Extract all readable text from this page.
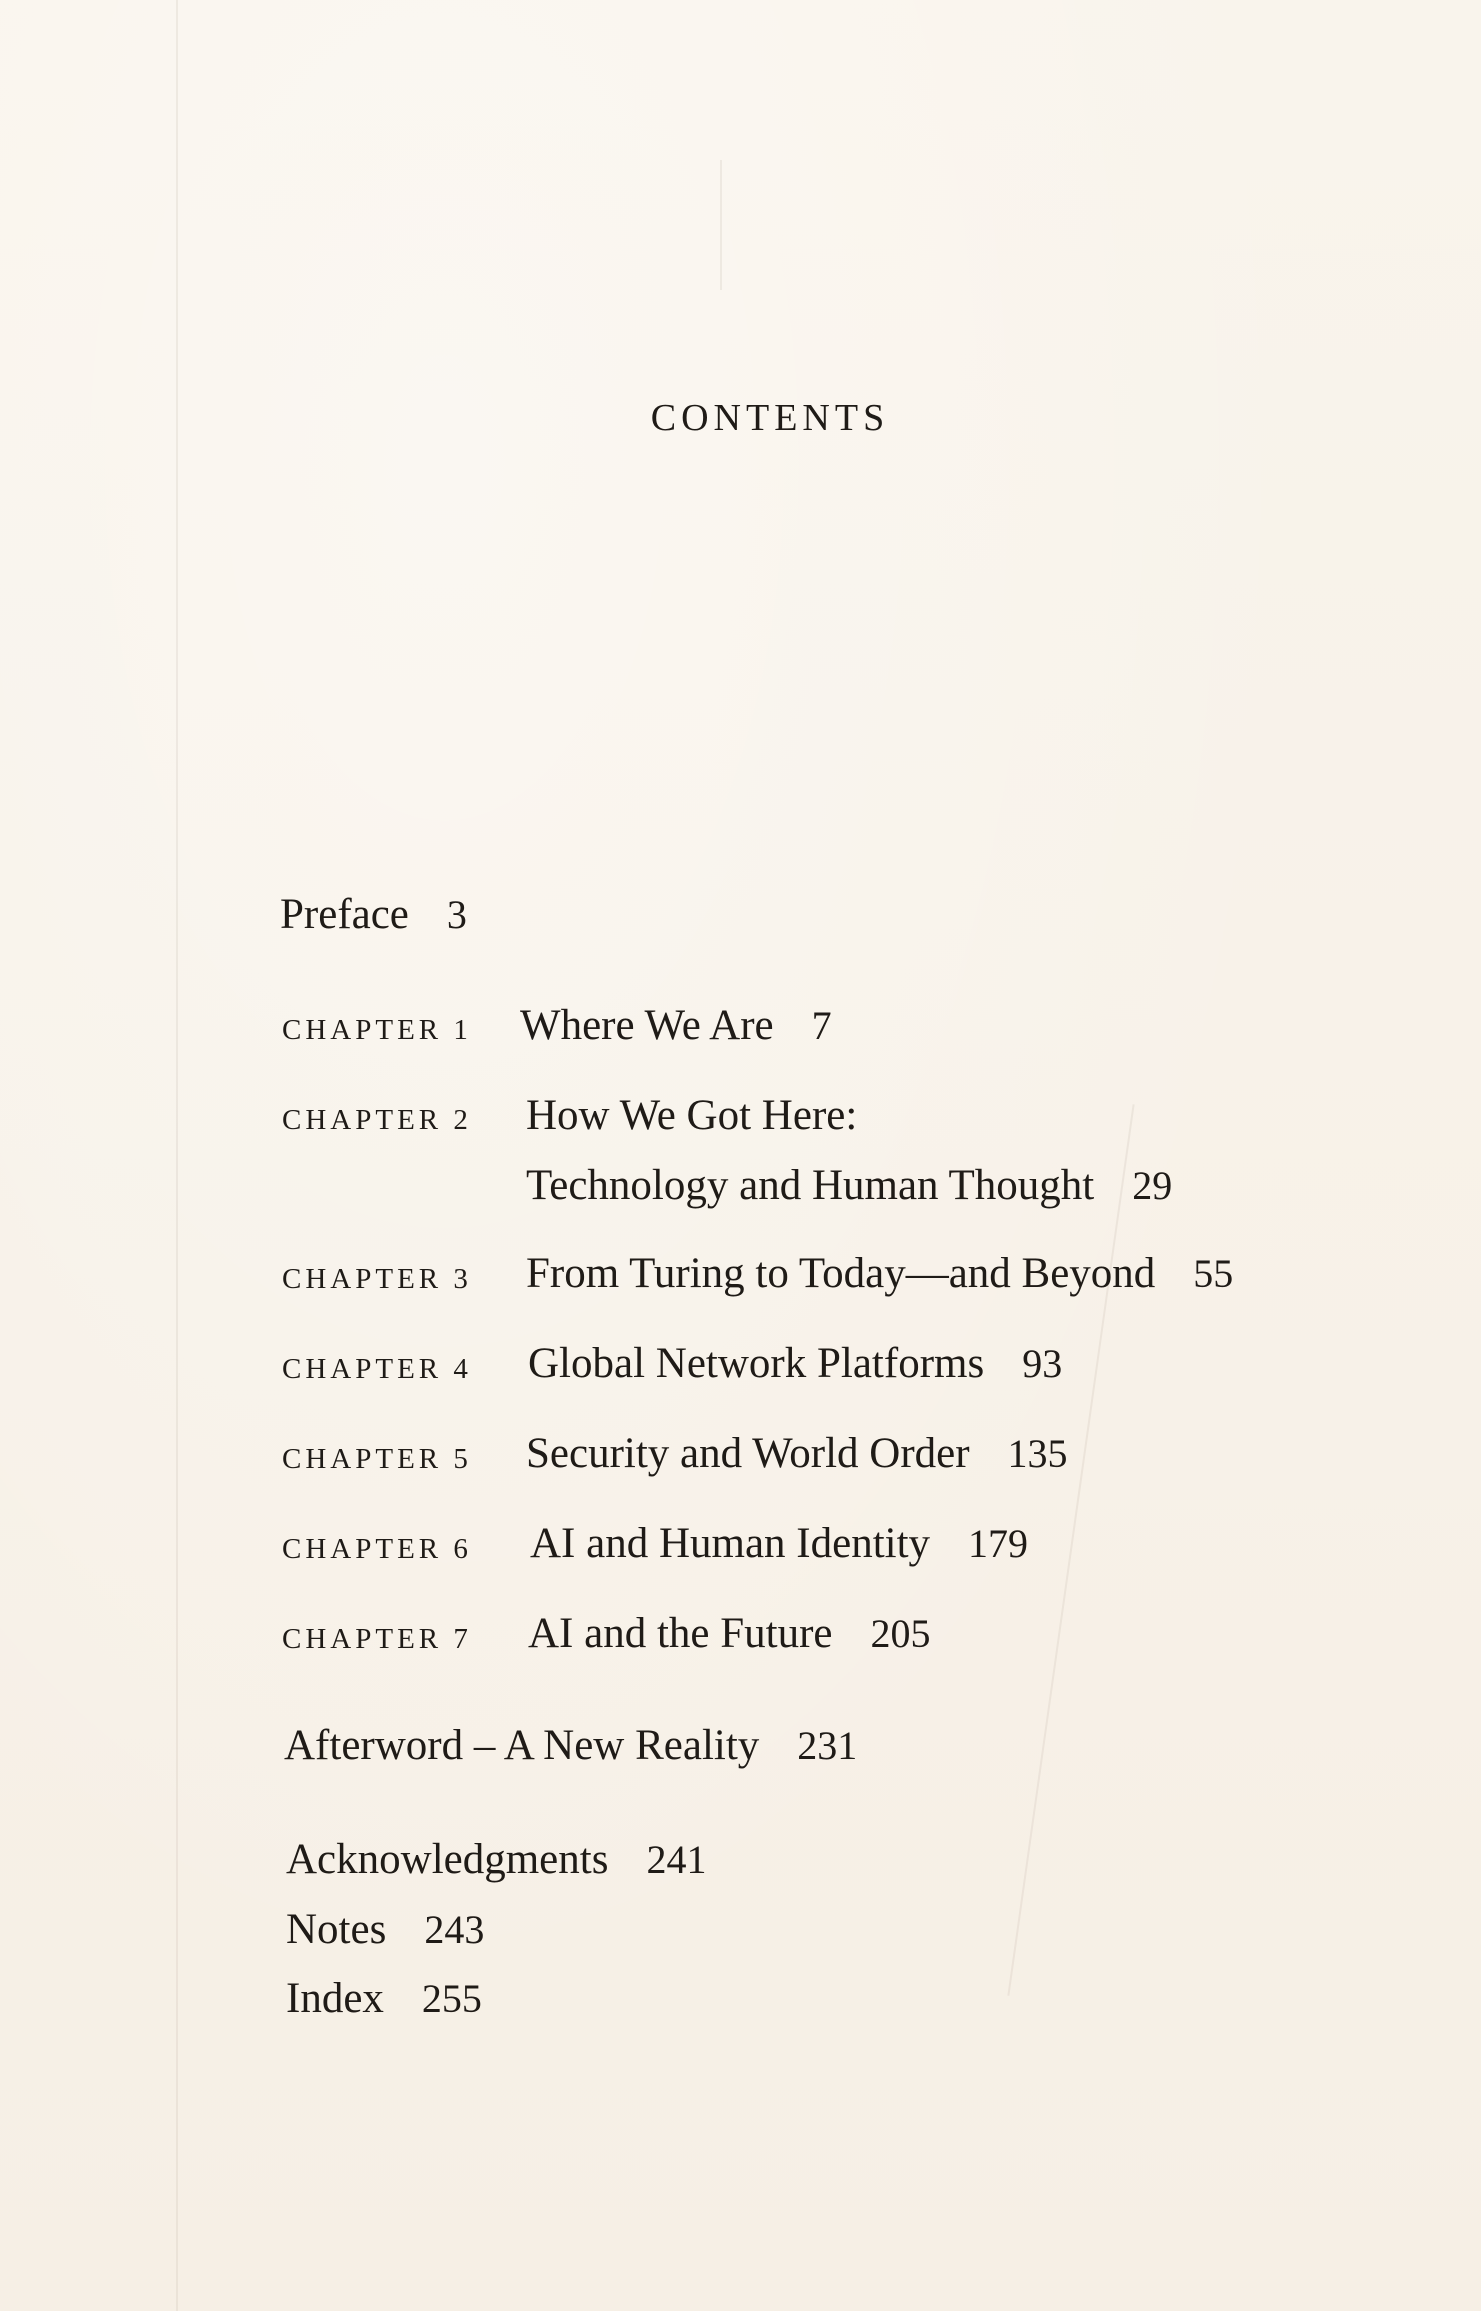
CONTENTS
Preface 3
CHAPTER 1 Where We Are 7
CHAPTER 2 How We Got Here:
Technology and Human Thought 29
CHAPTER 3 From Turing to Today—and Beyond 55
CHAPTER 4 Global Network Platforms 93
CHAPTER 5 Security and World Order 135
CHAPTER 6 AI and Human Identity 179
CHAPTER 7 AI and the Future 205
Afterword – A New Reality 231
Acknowledgments 241
Notes 243
Index 255
